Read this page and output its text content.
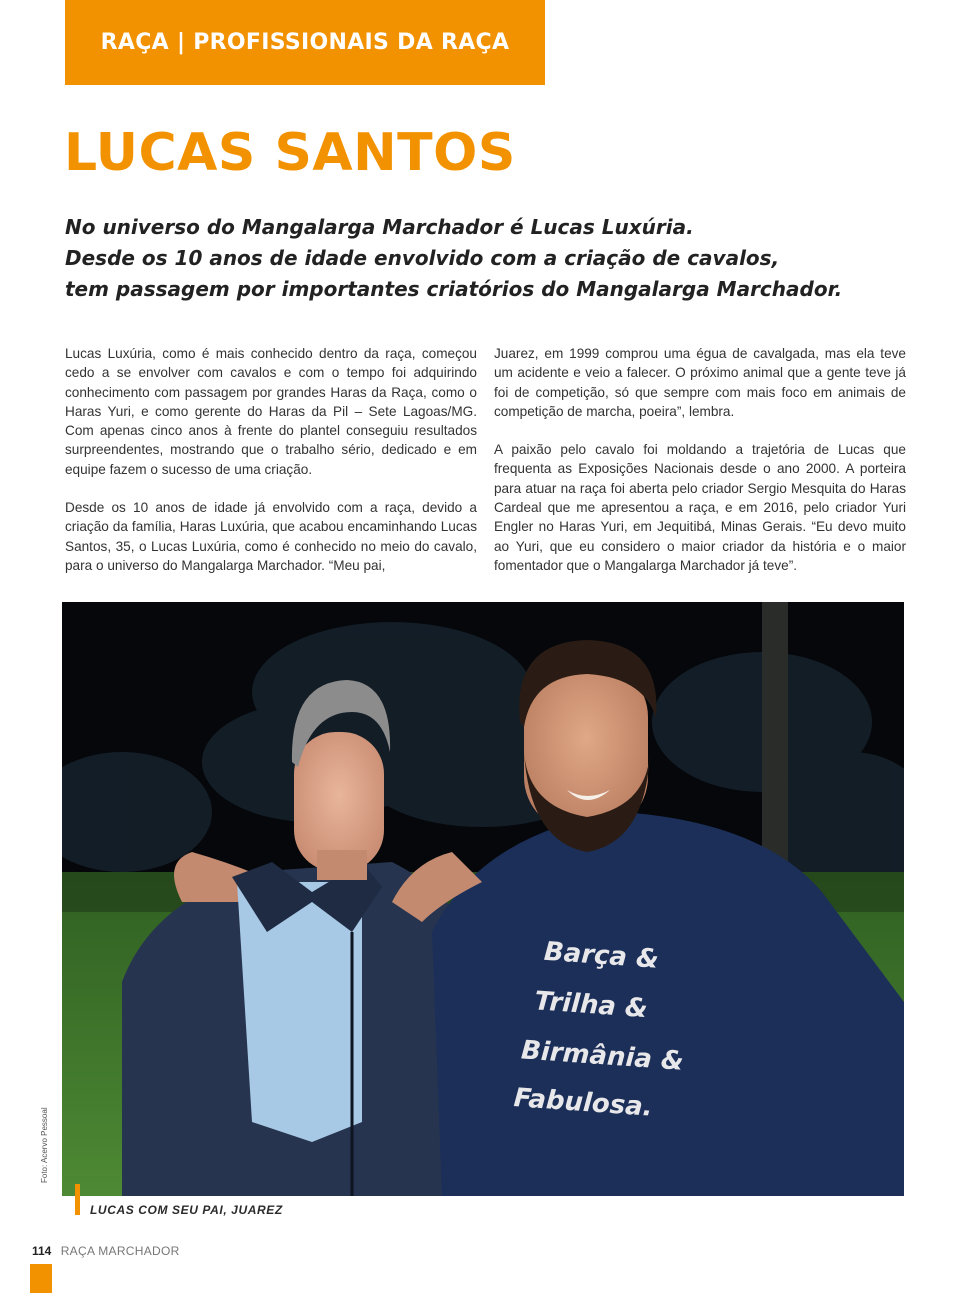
RAÇA | PROFISSIONAIS DA RAÇA
LUCAS SANTOS
No universo do Mangalarga Marchador é Lucas Luxúria.
Desde os 10 anos de idade envolvido com a criação de cavalos,
tem passagem por importantes criatórios do Mangalarga Marchador.

Lucas Luxúria, como é mais conhecido dentro da raça, começou cedo a se envolver com cavalos e com o tempo foi adquirindo conhecimento com passagem por grandes Haras da Raça, como o Haras Yuri, e como gerente do Haras da Pil – Sete Lagoas/MG. Com apenas cinco anos à frente do plantel conseguiu resultados surpreendentes, mostrando que o trabalho sério, dedicado e em equipe fazem o sucesso de uma criação.

Desde os 10 anos de idade já envolvido com a raça, devido a criação da família, Haras Luxúria, que acabou encaminhando Lucas Santos, 35, o Lucas Luxúria, como é conhecido no meio do cavalo, para o universo do Mangalarga Marchador. “Meu pai,

Juarez, em 1999 comprou uma égua de cavalgada, mas ela teve um acidente e veio a falecer. O próximo animal que a gente teve já foi de competição, só que sempre com mais foco em animais de competição de marcha, poeira”, lembra.

A paixão pelo cavalo foi moldando a trajetória de Lucas que frequenta as Exposições Nacionais desde o ano 2000. A porteira para atuar na raça foi aberta pelo criador Sergio Mesquita do Haras Cardeal que me apresentou a raça, e em 2016, pelo criador Yuri Engler no Haras Yuri, em Jequitibá, Minas Gerais. “Eu devo muito ao Yuri, que eu considero o maior criador da história e o maior fomentador que o Mangalarga Marchador já teve”.

Barça &
Trilha &
Birmânia &
Fabulosa.
Foto: Acervo Pessoal
LUCAS COM SEU PAI, JUAREZ
114 RAÇA MARCHADOR
